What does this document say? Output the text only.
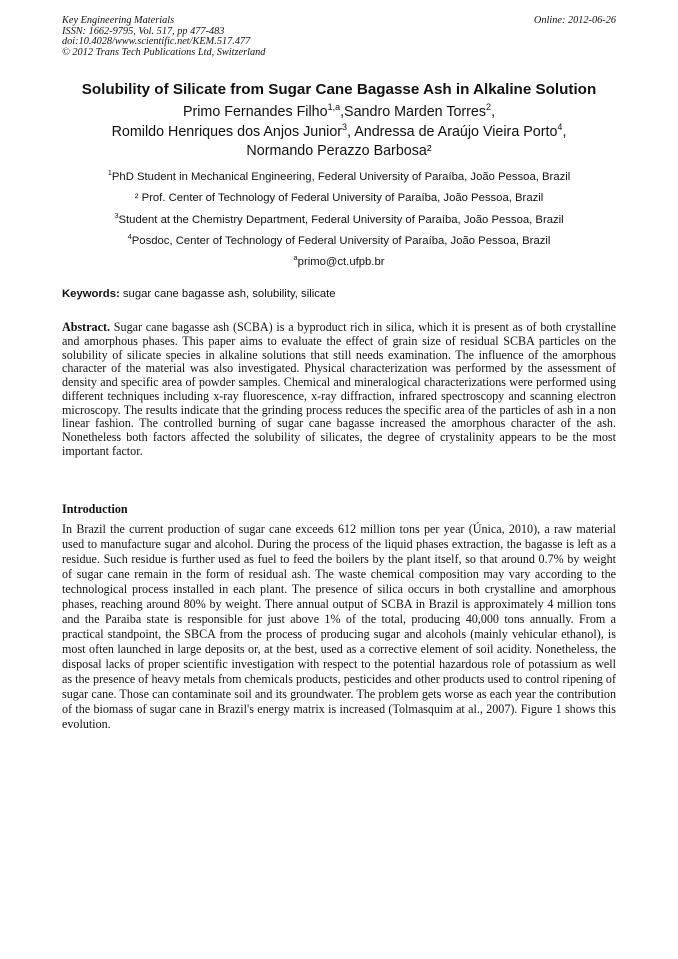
Key Engineering Materials
ISSN: 1662-9795, Vol. 517, pp 477-483
doi:10.4028/www.scientific.net/KEM.517.477
© 2012 Trans Tech Publications Ltd, Switzerland
Online: 2012-06-26
Solubility of Silicate from Sugar Cane Bagasse Ash in Alkaline Solution
Primo Fernandes Filho$^{1,a}$,Sandro Marden Torres$^2$,
Romildo Henriques dos Anjos Junior$^3$, Andressa de Araújo Vieira Porto$^4$,
Normando Perazzo Barbosa²
$^1$PhD Student in Mechanical Engineering, Federal University of Paraíba, João Pessoa, Brazil
² Prof. Center of Technology of Federal University of Paraíba, João Pessoa, Brazil
$^3$Student at the Chemistry Department, Federal University of Paraíba, João Pessoa, Brazil
$^4$Posdoc, Center of Technology of Federal University of Paraíba, João Pessoa, Brazil
$^a$primo@ct.ufpb.br
Keywords: sugar cane bagasse ash, solubility, silicate
Abstract. Sugar cane bagasse ash (SCBA) is a byproduct rich in silica, which it is present as of both crystalline and amorphous phases. This paper aims to evaluate the effect of grain size of residual SCBA particles on the solubility of silicate species in alkaline solutions that still needs examination. The influence of the amorphous character of the material was also investigated. Physical characterization was performed by the assessment of density and specific area of powder samples. Chemical and mineralogical characterizations were performed using different techniques including x-ray fluorescence, x-ray diffraction, infrared spectroscopy and scanning electron microscopy. The results indicate that the grinding process reduces the specific area of the particles of ash in a non linear fashion. The controlled burning of sugar cane bagasse increased the amorphous character of the ash. Nonetheless both factors affected the solubility of silicates, the degree of crystalinity appears to be the most important factor.
Introduction
In Brazil the current production of sugar cane exceeds 612 million tons per year (Única, 2010), a raw material used to manufacture sugar and alcohol. During the process of the liquid phases extraction, the bagasse is left as a residue. Such residue is further used as fuel to feed the boilers by the plant itself, so that around 0.7% by weight of sugar cane remain in the form of residual ash. The waste chemical composition may vary according to the technological process installed in each plant. The presence of silica occurs in both crystalline and amorphous phases, reaching around 80% by weight. There annual output of SCBA in Brazil is approximately 4 million tons and the Paraiba state is responsible for just above 1% of the total, producing 40,000 tons annually. From a practical standpoint, the SBCA from the process of producing sugar and alcohols (mainly vehicular ethanol), is most often launched in large deposits or, at the best, used as a corrective element of soil acidity. Nonetheless, the disposal lacks of proper scientific investigation with respect to the potential hazardous role of potassium as well as the presence of heavy metals from chemicals products, pesticides and other products used to control ripening of sugar cane. Those can contaminate soil and its groundwater. The problem gets worse as each year the contribution of the biomass of sugar cane in Brazil's energy matrix is increased (Tolmasquim at al., 2007). Figure 1 shows this evolution.
